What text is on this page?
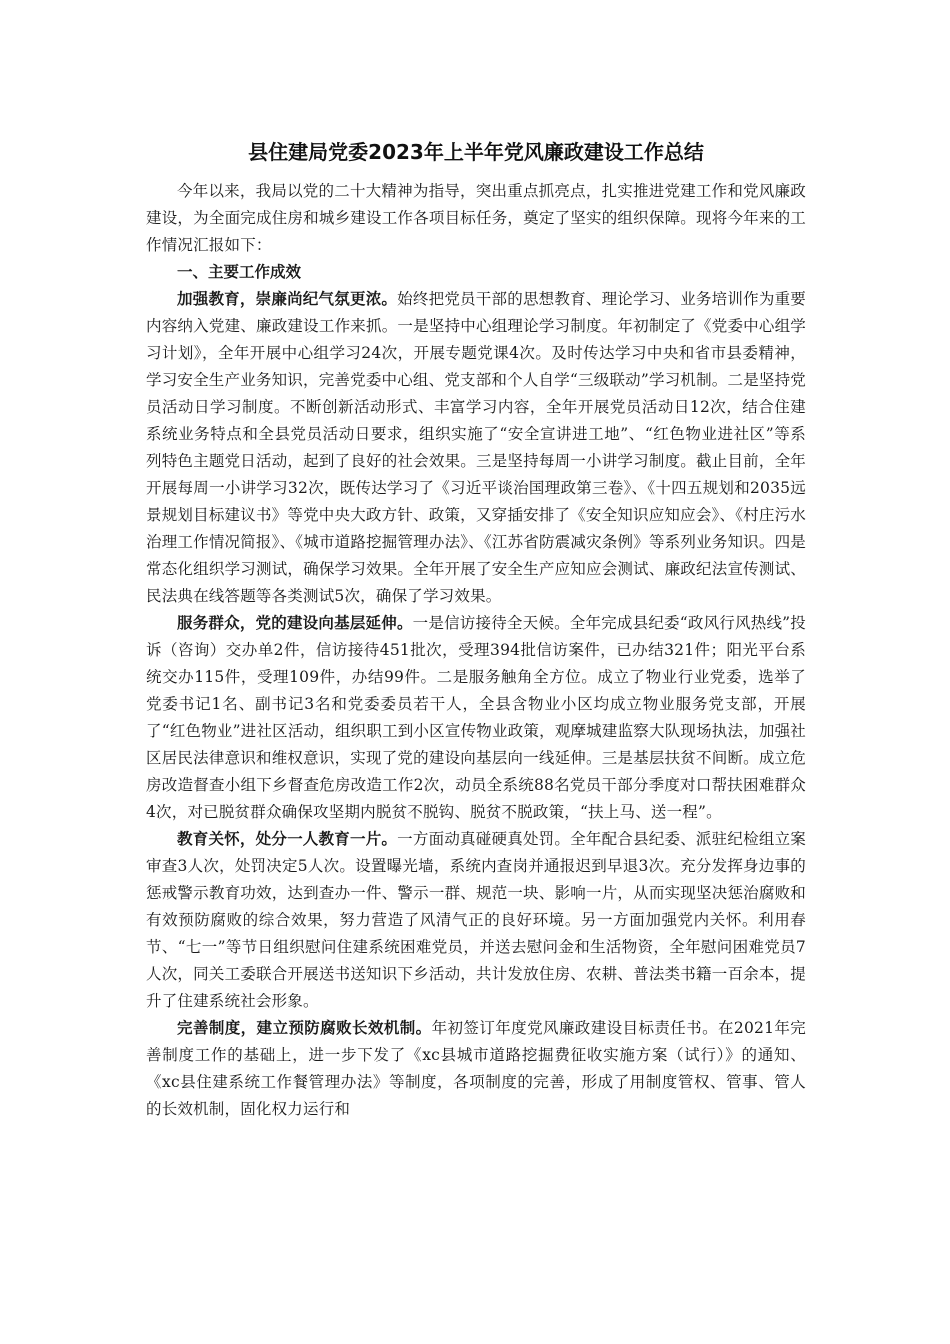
县住建局党委2023年上半年党风廉政建设工作总结

今年以来，我局以党的二十大精神为指导，突出重点抓亮点，扎实推进党建工作和党风廉政建设，为全面完成住房和城乡建设工作各项目标任务，奠定了坚实的组织保障。现将今年来的工作情况汇报如下：

一、主要工作成效

加强教育，崇廉尚纪气氛更浓。始终把党员干部的思想教育、理论学习、业务培训作为重要内容纳入党建、廉政建设工作来抓。一是坚持中心组理论学习制度。年初制定了《党委中心组学习计划》，全年开展中心组学习24次，开展专题党课4次。及时传达学习中央和省市县委精神，学习安全生产业务知识，完善党委中心组、党支部和个人自学“三级联动”学习机制。二是坚持党员活动日学习制度。不断创新活动形式、丰富学习内容，全年开展党员活动日12次，结合住建系统业务特点和全县党员活动日要求，组织实施了“安全宣讲进工地”、“红色物业进社区”等系列特色主题党日活动，起到了良好的社会效果。三是坚持每周一小讲学习制度。截止目前，全年开展每周一小讲学习32次，既传达学习了《习近平谈治国理政第三卷》、《十四五规划和2035远景规划目标建议书》等党中央大政方针、政策，又穿插安排了《安全知识应知应会》、《村庄污水治理工作情况简报》、《城市道路挖掘管理办法》、《江苏省防震减灾条例》等系列业务知识。四是常态化组织学习测试，确保学习效果。全年开展了安全生产应知应会测试、廉政纪法宣传测试、民法典在线答题等各类测试5次，确保了学习效果。

服务群众，党的建设向基层延伸。一是信访接待全天候。全年完成县纪委“政风行风热线”投诉（咨询）交办单2件，信访接待451批次，受理394批信访案件，已办结321件；阳光平台系统交办115件，受理109件，办结99件。二是服务触角全方位。成立了物业行业党委，选举了党委书记1名、副书记3名和党委委员若干人，全县含物业小区均成立物业服务党支部，开展了“红色物业”进社区活动，组织职工到小区宣传物业政策，观摩城建监察大队现场执法，加强社区居民法律意识和维权意识，实现了党的建设向基层向一线延伸。三是基层扶贫不间断。成立危房改造督查小组下乡督查危房改造工作2次，动员全系统88名党员干部分季度对口帮扶困难群众4次，对已脱贫群众确保攻坚期内脱贫不脱钩、脱贫不脱政策，“扶上马、送一程”。

教育关怀，处分一人教育一片。一方面动真碰硬真处罚。全年配合县纪委、派驻纪检组立案审查3人次，处罚决定5人次。设置曝光墙，系统内查岗并通报迟到早退3次。充分发挥身边事的惩戒警示教育功效，达到查办一件、警示一群、规范一块、影响一片，从而实现坚决惩治腐败和有效预防腐败的综合效果，努力营造了风清气正的良好环境。另一方面加强党内关怀。利用春节、“七一”等节日组织慰问住建系统困难党员，并送去慰问金和生活物资，全年慰问困难党员7人次，同关工委联合开展送书送知识下乡活动，共计发放住房、农耕、普法类书籍一百余本，提升了住建系统社会形象。

完善制度，建立预防腐败长效机制。年初签订年度党风廉政建设目标责任书。在2021年完善制度工作的基础上，进一步下发了《xc县城市道路挖掘费征收实施方案（试行）》的通知、《xc县住建系统工作餐管理办法》等制度，各项制度的完善，形成了用制度管权、管事、管人的长效机制，固化权力运行和
